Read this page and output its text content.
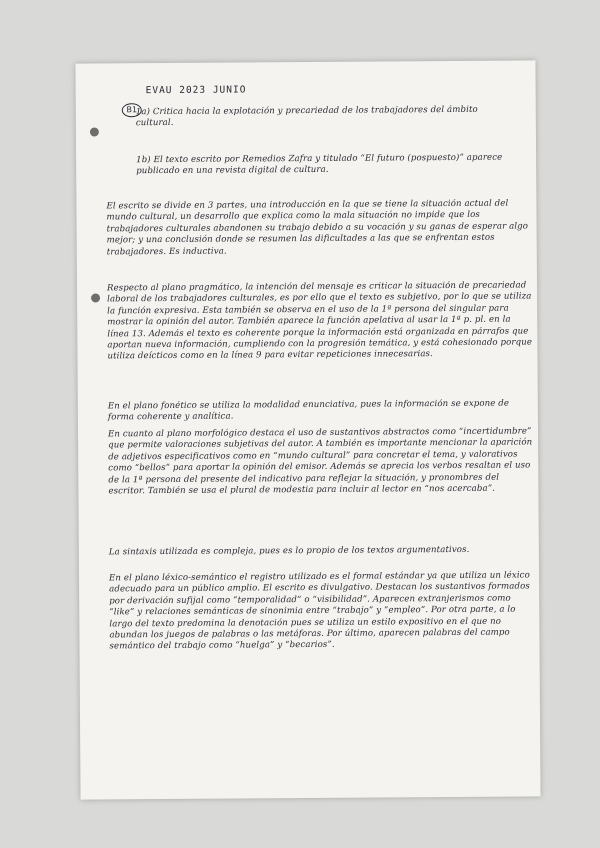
EVAU 2023 JUNIO
B1

1a) Critica hacia la explotación y precariedad de los trabajadores del ámbito cultural.

1b) El texto escrito por Remedios Zafra y titulado “El futuro (pospuesto)” aparece publicado en una revista digital de cultura.

El escrito se divide en 3 partes, una introducción en la que se tiene la situación actual del mundo cultural, un desarrollo que explica como la mala situación no impide que los trabajadores culturales abandonen su trabajo debido a su vocación y su ganas de esperar algo mejor; y una conclusión donde se resumen las dificultades a las que se enfrentan estos trabajadores. Es inductiva.

Respecto al plano pragmático, la intención del mensaje es criticar la situación de precariedad laboral de los trabajadores culturales, es por ello que el texto es subjetivo, por lo que se utiliza la función expresiva. Esta también se observa en el uso de la 1ª persona del singular para mostrar la opinión del autor. También aparece la función apelativa al usar la 1ª p. pl. en la línea 13. Además el texto es coherente porque la información está organizada en párrafos que aportan nueva información, cumpliendo con la progresión temática, y está cohesionado porque utiliza deícticos como en la línea 9 para evitar repeticiones innecesarias.

En el plano fonético se utiliza la modalidad enunciativa, pues la información se expone de forma coherente y analítica.

En cuanto al plano morfológico destaca el uso de sustantivos abstractos como “incertidumbre” que permite valoraciones subjetivas del autor. A también es importante mencionar la aparición de adjetivos especificativos como en “mundo cultural” para concretar el tema, y valorativos como “bellos” para aportar la opinión del emisor. Además se aprecia los verbos resaltan el uso de la 1ª persona del presente del indicativo para reflejar la situación, y pronombres del escritor. También se usa el plural de modestia para incluir al lector en “nos acercaba”.

La sintaxis utilizada es compleja, pues es lo propio de los textos argumentativos.

En el plano léxico-semántico el registro utilizado es el formal estándar ya que utiliza un léxico adecuado para un público amplio. El escrito es divulgativo. Destacan los sustantivos formados por derivación sufijal como “temporalidad” o “visibilidad”. Aparecen extranjerismos como “like” y relaciones semánticas de sinonimia entre “trabajo” y “empleo”. Por otra parte, a lo largo del texto predomina la denotación pues se utiliza un estilo expositivo en el que no abundan los juegos de palabras o las metáforas. Por último, aparecen palabras del campo semántico del trabajo como “huelga” y “becarios”.
